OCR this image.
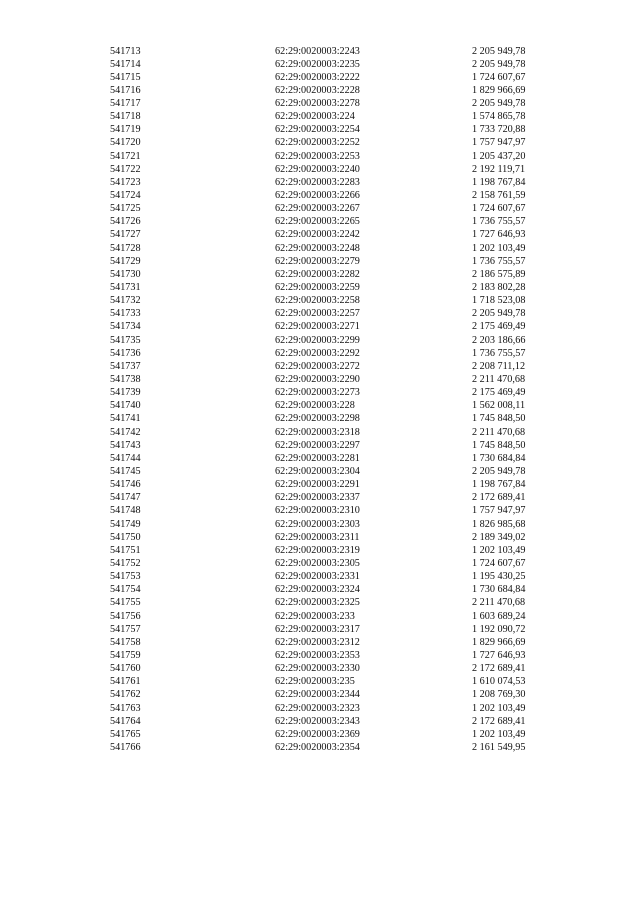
541713	62:29:0020003:2243	2 205 949,78
541714	62:29:0020003:2235	2 205 949,78
541715	62:29:0020003:2222	1 724 607,67
541716	62:29:0020003:2228	1 829 966,69
541717	62:29:0020003:2278	2 205 949,78
541718	62:29:0020003:224	1 574 865,78
541719	62:29:0020003:2254	1 733 720,88
541720	62:29:0020003:2252	1 757 947,97
541721	62:29:0020003:2253	1 205 437,20
541722	62:29:0020003:2240	2 192 119,71
541723	62:29:0020003:2283	1 198 767,84
541724	62:29:0020003:2266	2 158 761,59
541725	62:29:0020003:2267	1 724 607,67
541726	62:29:0020003:2265	1 736 755,57
541727	62:29:0020003:2242	1 727 646,93
541728	62:29:0020003:2248	1 202 103,49
541729	62:29:0020003:2279	1 736 755,57
541730	62:29:0020003:2282	2 186 575,89
541731	62:29:0020003:2259	2 183 802,28
541732	62:29:0020003:2258	1 718 523,08
541733	62:29:0020003:2257	2 205 949,78
541734	62:29:0020003:2271	2 175 469,49
541735	62:29:0020003:2299	2 203 186,66
541736	62:29:0020003:2292	1 736 755,57
541737	62:29:0020003:2272	2 208 711,12
541738	62:29:0020003:2290	2 211 470,68
541739	62:29:0020003:2273	2 175 469,49
541740	62:29:0020003:228	1 562 008,11
541741	62:29:0020003:2298	1 745 848,50
541742	62:29:0020003:2318	2 211 470,68
541743	62:29:0020003:2297	1 745 848,50
541744	62:29:0020003:2281	1 730 684,84
541745	62:29:0020003:2304	2 205 949,78
541746	62:29:0020003:2291	1 198 767,84
541747	62:29:0020003:2337	2 172 689,41
541748	62:29:0020003:2310	1 757 947,97
541749	62:29:0020003:2303	1 826 985,68
541750	62:29:0020003:2311	2 189 349,02
541751	62:29:0020003:2319	1 202 103,49
541752	62:29:0020003:2305	1 724 607,67
541753	62:29:0020003:2331	1 195 430,25
541754	62:29:0020003:2324	1 730 684,84
541755	62:29:0020003:2325	2 211 470,68
541756	62:29:0020003:233	1 603 689,24
541757	62:29:0020003:2317	1 192 090,72
541758	62:29:0020003:2312	1 829 966,69
541759	62:29:0020003:2353	1 727 646,93
541760	62:29:0020003:2330	2 172 689,41
541761	62:29:0020003:235	1 610 074,53
541762	62:29:0020003:2344	1 208 769,30
541763	62:29:0020003:2323	1 202 103,49
541764	62:29:0020003:2343	2 172 689,41
541765	62:29:0020003:2369	1 202 103,49
541766	62:29:0020003:2354	2 161 549,95
